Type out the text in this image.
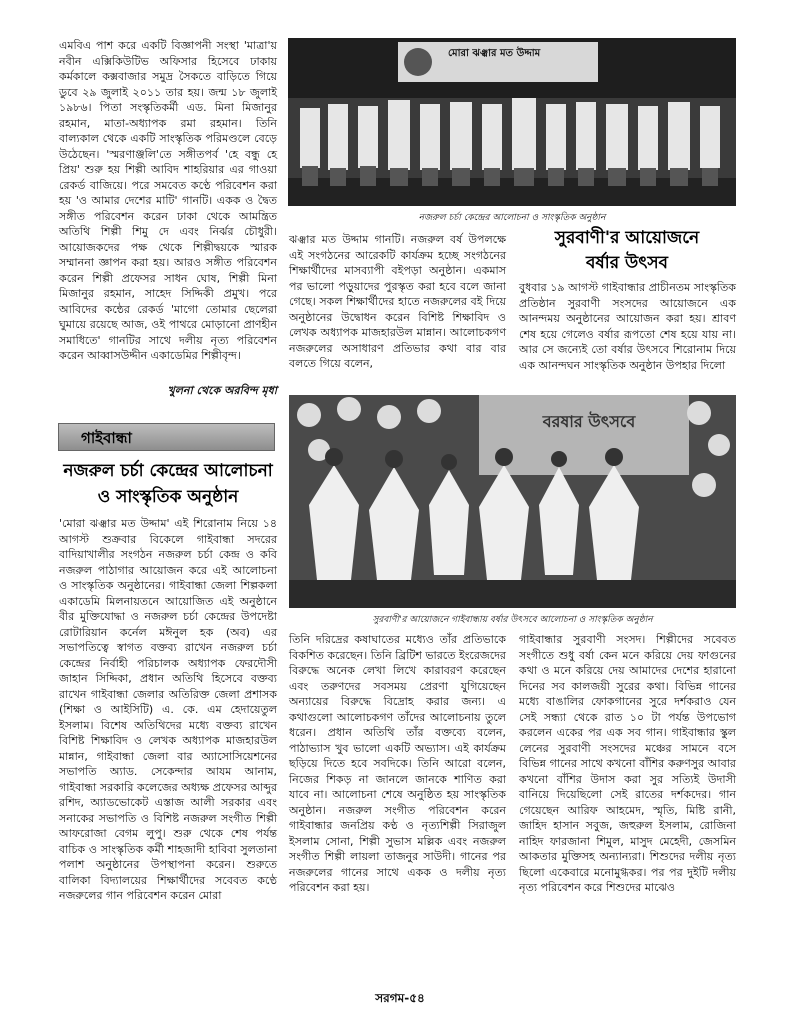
এমবিএ পাশ করে একটি বিজ্ঞাপনী সংস্থা 'মাত্রা'য় নবীন এক্সিকিউটিভ অফিসার হিসেবে ঢাকায় কর্মকালে কক্সবাজার সমুদ্র সৈকতে বাড়িতে গিয়ে ডুবে ২৯ জুলাই ২০১১ তার হয়। জন্ম ১৮ জুলাই ১৯৮৬। পিতা সংস্কৃতিকর্মী এড. মিনা মিজানুর রহমান, মাতা-অধ্যাপক রমা রহমান। তিনি বাল্যকাল থেকে একটি সাংস্কৃতিক পরিমণ্ডলে বেড়ে উঠেছেন। 'স্মরণাঞ্জলি'তে সঙ্গীতপর্ব 'হে বন্ধু হে প্রিয়' শুরু হয় শিল্পী আবিদ শাহরিয়ার এর গাওয়া রেকর্ড বাজিয়ে। পরে সমবেত কণ্ঠে পরিবেশন করা হয় 'ও আমার দেশের মাটি' গানটি। একক ও দ্বৈত সঙ্গীত পরিবেশন করেন ঢাকা থেকে আমন্ত্রিত অতিথি শিল্পী শিমু দে এবং নির্ঝর চৌধুরী। আয়োজকদের পক্ষ থেকে শিল্পীদ্বয়কে স্মারক সম্মাননা জ্ঞাপন করা হয়। আরও সঙ্গীত পরিবেশন করেন শিল্পী প্রফেসর সাধন ঘোষ, শিল্পী মিনা মিজানুর রহমান, সাহেদ সিদ্দিকী প্রমুখ। পরে আবিদের কন্ঠের রেকর্ড 'মাগো তোমার ছেলেরা ঘুমায়ে রয়েছে আজ, ওই পাথরে মোড়ানো প্রাণহীন সমাধিতে' গানটির সাথে দলীয় নৃত্য পরিবেশন করেন আব্বাসউদ্দীন একাডেমির শিল্পীবৃন্দ।

খুলনা থেকে অরবিন্দ মৃধা
গাইবান্ধা
নজরুল চর্চা কেন্দ্রের আলোচনা
ও সাংস্কৃতিক অনুষ্ঠান

'মোরা ঝঞ্ঝার মত উদ্দাম' এই শিরোনাম নিয়ে ১৪ আগস্ট শুক্রবার বিকেলে গাইবান্ধা সদরের বাদিয়াখালীর সংগঠন নজরুল চর্চা কেন্দ্র ও কবি নজরুল পাঠাগার আয়োজন করে এই আলোচনা ও সাংস্কৃতিক অনুষ্ঠানের। গাইবান্ধা জেলা শিল্পকলা একাডেমি মিলনায়তনে আয়োজিত এই অনুষ্ঠানে বীর মুক্তিযোদ্ধা ও নজরুল চর্চা কেন্দ্রের উপদেষ্টা রোটারিয়ান কর্নেল মঈনুল হক (অব) এর সভাপতিত্বে স্বাগত বক্তব্য রাখেন নজরুল চর্চা কেন্দ্রের নির্বাহী পরিচালক অধ্যাপক ফেরদৌসী জাহান সিদ্দিকা, প্রধান অতিথি হিসেবে বক্তব্য রাখেন গাইবান্ধা জেলার অতিরিক্ত জেলা প্রশাসক (শিক্ষা ও আইসিটি) এ. কে. এম হেদায়েতুল ইসলাম। বিশেষ অতিথিদের মধ্যে বক্তব্য রাখেন বিশিষ্ট শিক্ষাবিদ ও লেখক অধ্যাপক মাজহারউল মান্নান, গাইবান্ধা জেলা বার অ্যাসোসিয়েশনের সভাপতি অ্যাড. সেকেন্দার আযম আনাম, গাইবান্ধা সরকারি কলেজের অধ্যক্ষ প্রফেসর আব্দুর রশিদ, অ্যাডভোকেট এস্তাজ আলী সরকার এবং সনাকের সভাপতি ও বিশিষ্ট নজরুল সংগীত শিল্পী আফরোজা বেগম লুপু। শুরু থেকে শেষ পর্যন্ত বাচিক ও সাংস্কৃতিক কর্মী শাহজাদী হাবিবা সুলতানা পলাশ অনুষ্ঠানের উপস্থাপনা করেন। শুরুতে বালিকা বিদ্যালয়ের শিক্ষার্থীদের সবেবত কণ্ঠে নজরুলের গান পরিবেশন করেন মোরা

মোরা ঝঞ্ঝার মত উদ্দাম
নজরুল চর্চা কেন্দ্রের আলোচনা ও সাংস্কৃতিক অনুষ্ঠান

ঝঞ্ঝার মত উদ্দাম গানটি। নজরুল বর্ষ উপলক্ষে এই সংগঠনের আরেকটি কার্যক্রম হচ্ছে সংগঠনের শিক্ষার্থীদের মাসব্যাপী বইপড়া অনুষ্ঠান। একমাস পর ভালো পড়ুয়াদের পুরস্কৃত করা হবে বলে জানা গেছে। সকল শিক্ষার্থীদের হাতে নজরুলের বই দিয়ে অনুষ্ঠানের উদ্বোধন করেন বিশিষ্ট শিক্ষাবিদ ও লেখক অধ্যাপক মাজহারউল মান্নান। আলোচকগণ নজরুলের অসাধারণ প্রতিভার কথা বার বার বলতে গিয়ে বলেন,

সুরবাণী'র আয়োজনে
বর্ষার উৎসব

বুধবার ১৯ আগস্ট গাইবান্ধার প্রাচীনতম সাংস্কৃতিক প্রতিষ্ঠান সুরবাণী সংসদের আয়োজনে এক আনন্দময় অনুষ্ঠানের আয়োজন করা হয়। শ্রাবণ শেষ হয়ে গেলেও বর্ষার রূপতো শেষ হয়ে যায় না। আর সে জন্যেই তো বর্ষার উৎসবে শিরোনাম দিয়ে এক আনন্দঘন সাংস্কৃতিক অনুষ্ঠান উপহার দিলো

বরষার উৎসবে
সুরবাণী'র আয়োজনে গাইবান্ধায় বর্ষার উৎসবে আলোচনা ও সাংস্কৃতিক অনুষ্ঠান

তিনি দরিদ্রের কষাঘাতের মধ্যেও তাঁর প্রতিভাকে বিকশিত করেছেন। তিনি ব্রিটিশ ভারতে ইংরেজদের বিরুদ্ধে অনেক লেখা লিখে কারাবরণ করেছেন এবং তরুণদের সবসময় প্রেরণা যুগিয়েছেন অন্যায়ের বিরুদ্ধে বিদ্রোহ করার জন্য। এ কথাগুলো আলোচকগণ তাঁদের আলোচনায় তুলে ধরেন। প্রধান অতিথি তাঁর বক্তব্যে বলেন, পাঠাভ্যাস খুব ভালো একটি অভ্যাস। এই কার্যক্রম ছড়িয়ে দিতে হবে সবদিকে। তিনি আরো বলেন, নিজের শিকড় না জানলে জানকে শাণিত করা যাবে না। আলোচনা শেষে অনুষ্ঠিত হয় সাংস্কৃতিক অনুষ্ঠান। নজরুল সংগীত পরিবেশন করেন গাইবান্ধার জনপ্রিয় কণ্ঠ ও নৃত্যশিল্পী সিরাজুল ইসলাম সোনা, শিল্পী সুভাস মল্লিক এবং নজরুল সংগীত শিল্পী লায়লা তাজনুর সাউদী। গানের পর নজরুলের গানের সাথে একক ও দলীয় নৃত্য পরিবেশন করা হয়।

গাইবান্ধার সুরবাণী সংসদ। শিল্পীদের সবেবত সংগীতে শুধু বর্ষা কেন মনে করিয়ে দেয় ফাগুনের কথা ও মনে করিয়ে দেয় আমাদের দেশের হারানো দিনের সব কালজয়ী সুরের কথা। বিভিন্ন গানের মধ্যে বাঙালির ফোকগানের সুরে দর্শকরাও যেন সেই সন্ধ্যা থেকে রাত ১০ টা পর্যন্ত উপভোগ করলেন একের পর এক সব গান। গাইবান্ধার স্কুল লেনের সুরবাণী সংসদের মঞ্চের সামনে বসে বিভিন্ন গানের সাথে কখনো বাঁশির করুণসুর আবার কখনো বাঁশির উদাস করা সুর সত্যিই উদাসী বানিয়ে দিয়েছিলো সেই রাতের দর্শকদের। গান গেয়েছেন আরিফ আহমেদ, স্মৃতি, মিষ্টি রানী, জাহিদ হাসান সবুজ, জহুরুল ইসলাম, রোজিনা নাহিদ ফারজানা শিমুল, মাসুদ মেহেদী, জেসমিন আকতার মুক্তিসহ অন্যান্যরা। শিশুদের দলীয় নৃত্য ছিলো একেবারে মনোমুগ্ধকর। পর পর দুইটি দলীয় নৃত্য পরিবেশন করে শিশুদের মাঝেও

সরগম-৫৪
